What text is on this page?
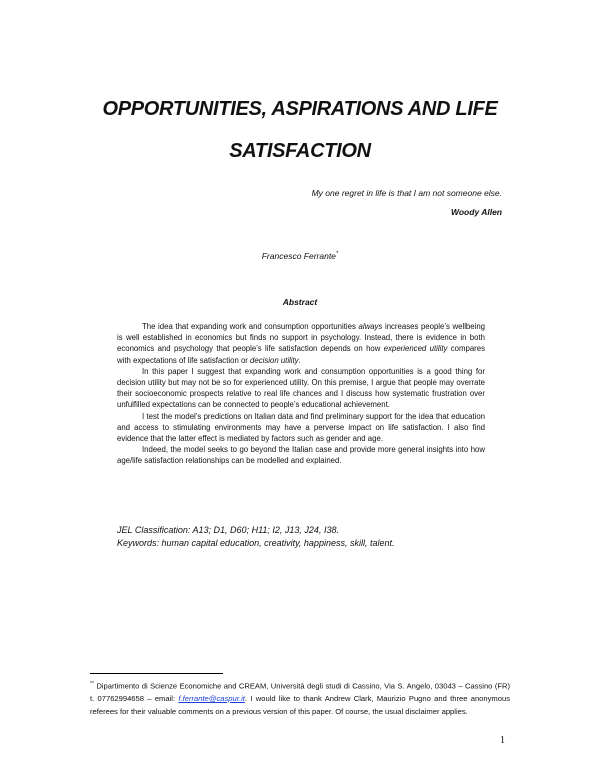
OPPORTUNITIES, ASPIRATIONS AND LIFE
SATISFACTION
My one regret in life is that I am not someone else.
Woody Allen
Francesco Ferrante*
Abstract

The idea that expanding work and consumption opportunities always increases people’s wellbeing is well established in economics but finds no support in psychology. Instead, there is evidence in both economics and psychology that people’s life satisfaction depends on how experienced utility compares with expectations of life satisfaction or decision utility.

In this paper I suggest that expanding work and consumption opportunities is a good thing for decision utility but may not be so for experienced utility. On this premise, I argue that people may overrate their socioeconomic prospects relative to real life chances and I discuss how systematic frustration over unfulfilled expectations can be connected to people’s educational achievement.

I test the model’s predictions on Italian data and find preliminary support for the idea that education and access to stimulating environments may have a perverse impact on life satisfaction. I also find evidence that the latter effect is mediated by factors such as gender and age.

Indeed, the model seeks to go beyond the Italian case and provide more general insights into how age/life satisfaction relationships can be modelled and explained.

JEL Classification: A13; D1, D60; H11; I2, J13, J24, I38.
Keywords: human capital education, creativity, happiness, skill, talent.
** Dipartimento di Scienze Economiche and CREAM, Università degli studi di Cassino, Via S. Angelo, 03043 – Cassino (FR) t. 07762994658 – email: f.ferrante@caspur.it. I would like to thank Andrew Clark, Maurizio Pugno and three anonymous referees for their valuable comments on a previous version of this paper. Of course, the usual disclaimer applies.
1
